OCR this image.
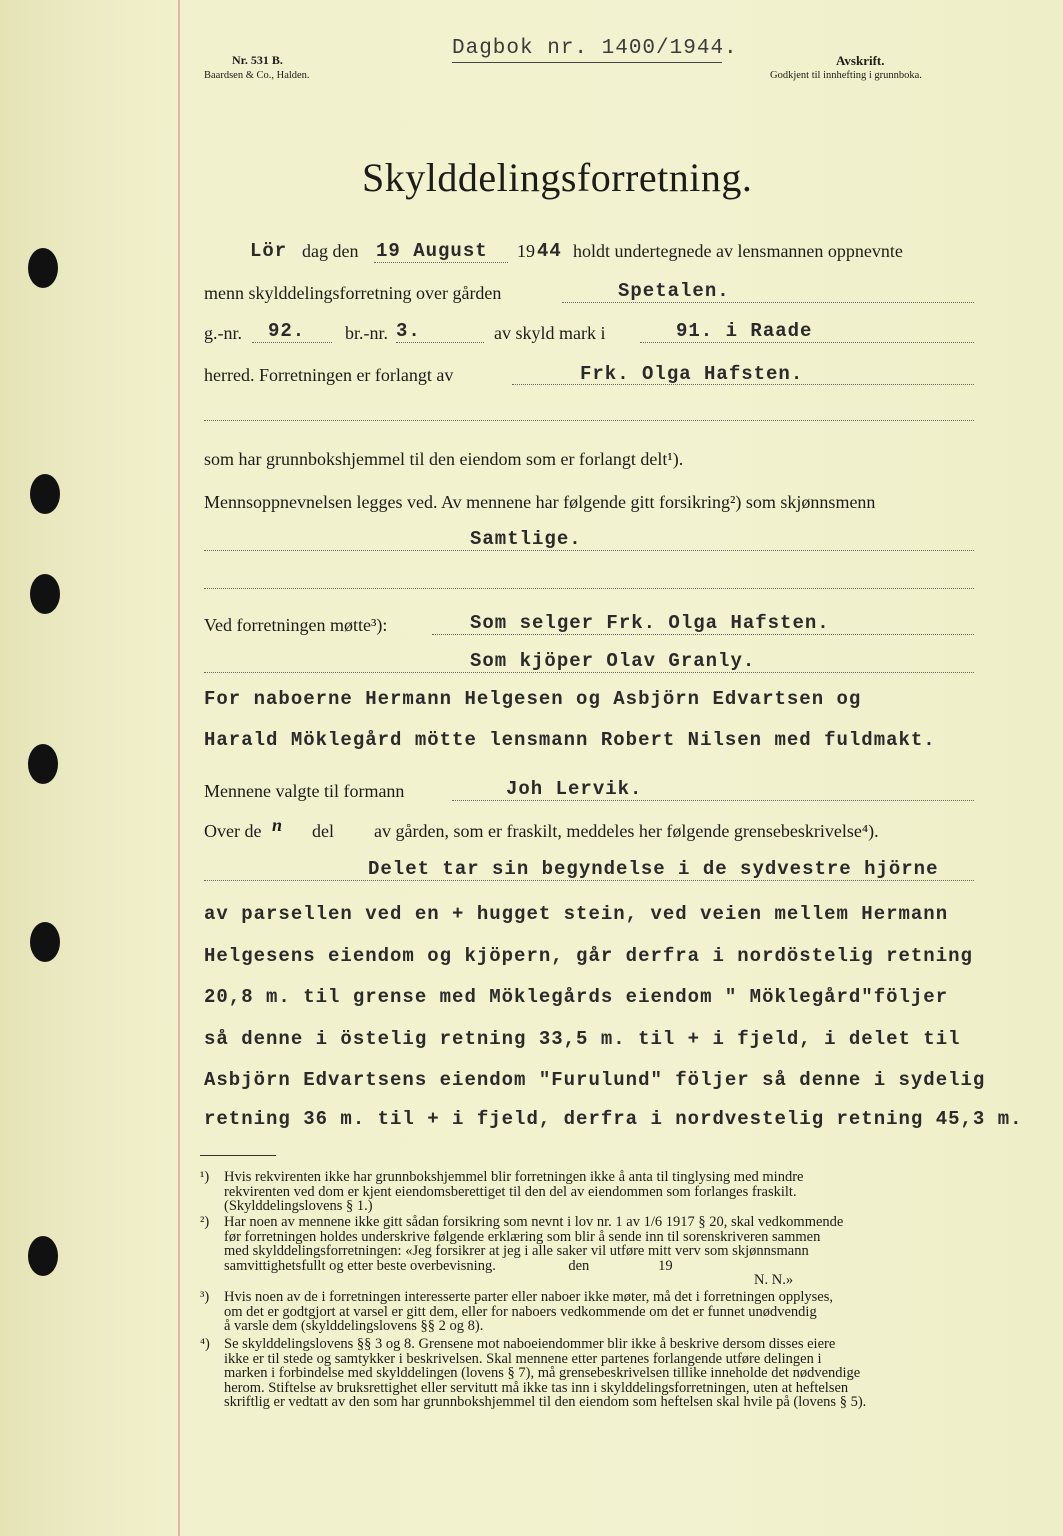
Nr. 531 B.
Baardsen & Co., Halden.
Dagbok nr. 1400/1944.
Avskrift.
Godkjent til innhefting i grunnboka.
Skylddelingsforretning.
Lör dag den 19 August 19 44 holdt undertegnede av lensmannen oppnevnte
menn skylddelingsforretning over gården	Spetalen.
g.-nr. 92. br.-nr. 3.	av skyld mark i	91. i Raade
herred. Forretningen er forlangt av	Frk. Olga Hafsten.
som har grunnbokshjemmel til den eiendom som er forlangt delt¹).
Mennsoppnevnelsen legges ved. Av mennene har følgende gitt forsikring²) som skjønnsmenn
Samtlige.
Ved forretningen møtte³):	Som selger Frk. Olga Hafsten.
Som kjöper Olav Granly.
For naboerne Hermann Helgesen og Asbjörn Edvartsen og
Harald Möklegård mötte lensmann Robert Nilsen med fuldmakt.
Mennene valgte til formann	Joh Lervik.
Over de n del av gården, som er fraskilt, meddeles her følgende grensebeskrivelse⁴).
Delet tar sin begyndelse i de sydvestre hjörne
av parsellen ved en + hugget stein, ved veien mellem Hermann
Helgesens eiendom og kjöpern, går derfra i nordöstelig retning
20,8 m. til grense med Möklegårds eiendom " Möklegård"följer
så denne i östelig retning 33,5 m. til + i fjeld, i delet til
Asbjörn Edvartsens eiendom "Furulund" följer så denne i sydelig
retning 36 m. til + i fjeld, derfra i nordvestelig retning 45,3 m.
¹) Hvis rekvirenten ikke har grunnbokshjemmel blir forretningen ikke å anta til tinglysing med mindre
rekvirenten ved dom er kjent eiendomsberettiget til den del av eiendommen som forlanges fraskilt.
(Skylddelingslovens § 1.)
²) Har noen av mennene ikke gitt sådan forsikring som nevnt i lov nr. 1 av 1/6 1917 § 20, skal vedkommende
før forretningen holdes underskrive følgende erklæring som blir å sende inn til sorenskriveren sammen
med skylddelingsforretningen: «Jeg forsikrer at jeg i alle saker vil utføre mitt verv som skjønnsmann
samvittighetsfullt og etter beste overbevisning.                    den                   19
N. N.»
³) Hvis noen av de i forretningen interesserte parter eller naboer ikke møter, må det i forretningen opplyses,
om det er godtgjort at varsel er gitt dem, eller for naboers vedkommende om det er funnet unødvendig
å varsle dem (skylddelingslovens §§ 2 og 8).
⁴) Se skylddelingslovens §§ 3 og 8. Grensene mot naboeiendommer blir ikke å beskrive dersom disses eiere
ikke er til stede og samtykker i beskrivelsen. Skal mennene etter partenes forlangende utføre delingen i
marken i forbindelse med skylddelingen (lovens § 7), må grensebeskrivelsen tillike inneholde det nødvendige
herom. Stiftelse av bruksrettighet eller servitutt må ikke tas inn i skylddelingsforretningen, uten at heftelsen
skriftlig er vedtatt av den som har grunnbokshjemmel til den eiendom som heftelsen skal hvile på (lovens § 5).
